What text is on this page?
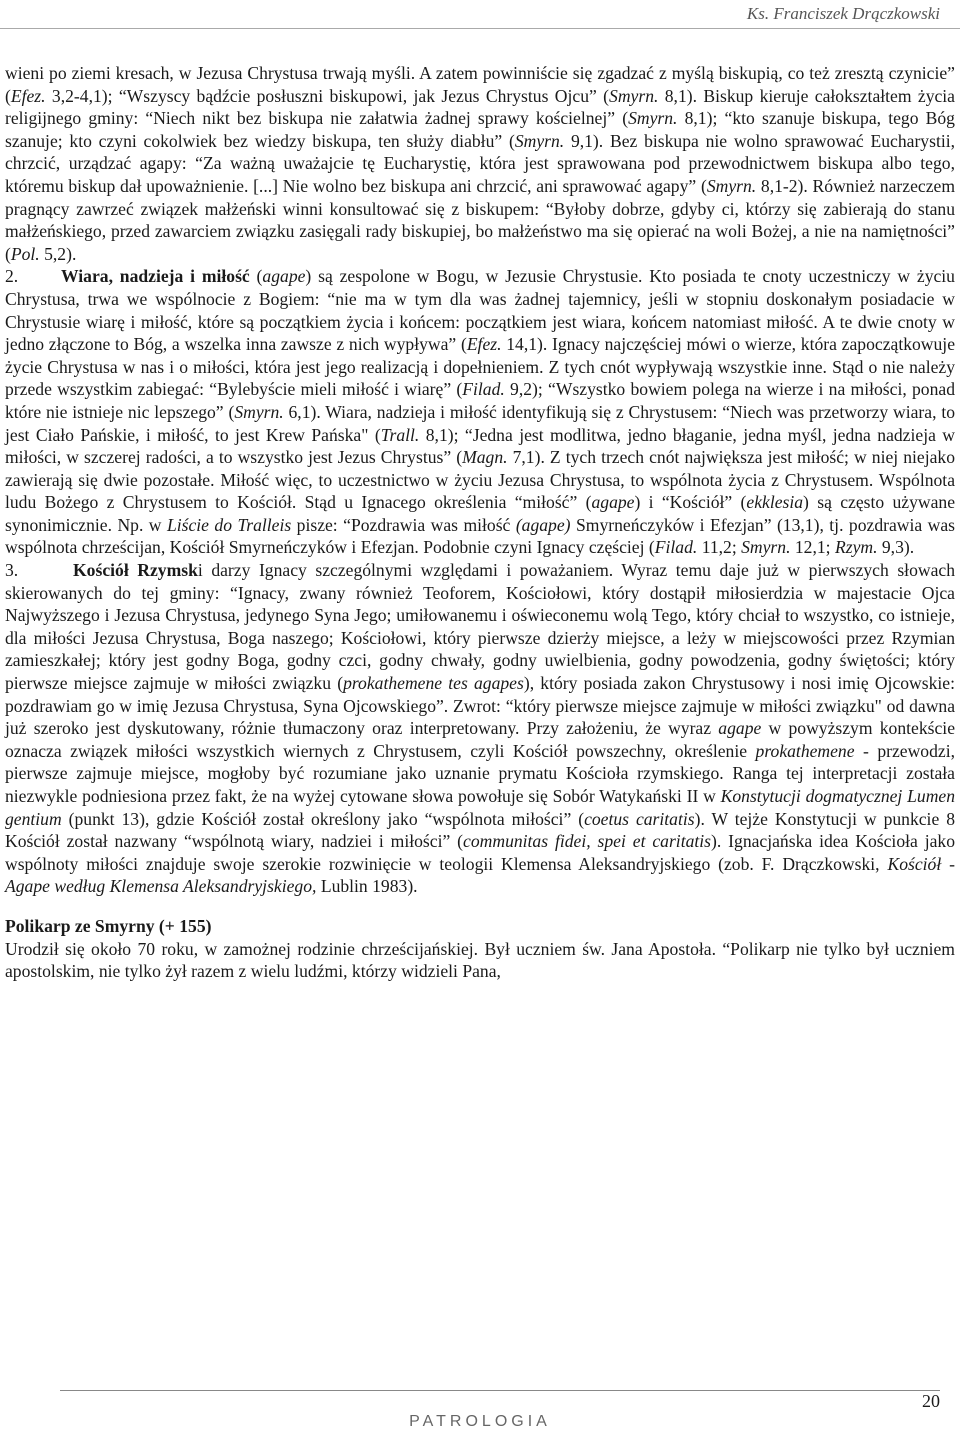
Ks. Franciszek Drączkowski

wieni po ziemi kresach, w Jezusa Chrystusa trwają myśli. A zatem powinniście się zgadzać z myślą biskupią, co też zresztą czynicie” (Efez. 3,2-4,1); “Wszyscy bądźcie posłuszni biskupowi, jak Jezus Chrystus Ojcu” (Smyrn. 8,1). Biskup kieruje całokształtem życia religijnego gminy: “Niech nikt bez biskupa nie załatwia żadnej sprawy kościelnej” (Smyrn. 8,1); “kto szanuje biskupa, tego Bóg szanuje; kto czyni cokolwiek bez wiedzy biskupa, ten służy diabłu” (Smyrn. 9,1). Bez biskupa nie wolno sprawować Eucharystii, chrzcić, urządzać agapy: “Za ważną uważajcie tę Eucharystię, która jest sprawowana pod przewodnictwem biskupa albo tego, któremu biskup dał upoważnienie. [...] Nie wolno bez biskupa ani chrzcić, ani sprawować agapy” (Smyrn. 8,1-2). Również narzeczem pragnący zawrzeć związek małżeński winni konsultować się z biskupem: “Byłoby dobrze, gdyby ci, którzy się zabierają do stanu małżeńskiego, przed zawarciem związku zasięgali rady biskupiej, bo małżeństwo ma się opierać na woli Bożej, a nie na namiętności” (Pol. 5,2).

2. Wiara, nadzieja i miłość (agape) są zespolone w Bogu, w Jezusie Chrystusie. Kto posiada te cnoty uczestniczy w życiu Chrystusa, trwa we wspólnocie z Bogiem: “nie ma w tym dla was żadnej tajemnicy, jeśli w stopniu doskonałym posiadacie w Chrystusie wiarę i miłość, które są początkiem życia i końcem: początkiem jest wiara, końcem natomiast miłość. A te dwie cnoty w jedno złączone to Bóg, a wszelka inna zawsze z nich wypływa” (Efez. 14,1). Ignacy najczęściej mówi o wierze, która zapoczątkowuje życie Chrystusa w nas i o miłości, która jest jego realizacją i dopełnieniem. Z tych cnót wypływają wszystkie inne. Stąd o nie należy przede wszystkim zabiegać: “Bylebyście mieli miłość i wiarę” (Filad. 9,2); “Wszystko bowiem polega na wierze i na miłości, ponad które nie istnieje nic lepszego” (Smyrn. 6,1). Wiara, nadzieja i miłość identyfikują się z Chrystusem: “Niech was przetworzy wiara, to jest Ciało Pańskie, i miłość, to jest Krew Pańska" (Trall. 8,1); “Jedna jest modlitwa, jedno błaganie, jedna myśl, jedna nadzieja w miłości, w szczerej radości, a to wszystko jest Jezus Chrystus” (Magn. 7,1). Z tych trzech cnót największa jest miłość; w niej niejako zawierają się dwie pozostałe. Miłość więc, to uczestnictwo w życiu Jezusa Chrystusa, to wspólnota życia z Chrystusem. Wspólnota ludu Bożego z Chrystusem to Kościół. Stąd u Ignacego określenia “miłość” (agape) i “Kościół” (ekklesia) są często używane synonimicznie. Np. w Liście do Tralleis pisze: “Pozdrawia was miłość (agape) Smyrneńczyków i Efezjan” (13,1), tj. pozdrawia was wspólnota chrześcijan, Kościół Smyrneńczyków i Efezjan. Podobnie czyni Ignacy częściej (Filad. 11,2; Smyrn. 12,1; Rzym. 9,3).

3.	Kościół Rzymski darzy Ignacy szczególnymi względami i poważaniem. Wyraz temu daje już w pierwszych słowach skierowanych do tej gminy: “Ignacy, zwany również Teoforem, Kościołowi, który dostąpił miłosierdzia w majestacie Ojca Najwyższego i Jezusa Chrystusa, jedynego Syna Jego; umiłowanemu i oświeconemu wolą Tego, który chciał to wszystko, co istnieje, dla miłości Jezusa Chrystusa, Boga naszego; Kościołowi, który pierwsze dzierży miejsce, a leży w miejscowości przez Rzymian zamieszkałej; który jest godny Boga, godny czci, godny chwały, godny uwielbienia, godny powodzenia, godny świętości; który pierwsze miejsce zajmuje w miłości związku (prokathemene tes agapes), który posiada zakon Chrystusowy i nosi imię Ojcowskie: pozdrawiam go w imię Jezusa Chrystusa, Syna Ojcowskiego”. Zwrot: “który pierwsze miejsce zajmuje w miłości związku" od dawna już szeroko jest dyskutowany, różnie tłumaczony oraz interpretowany. Przy założeniu, że wyraz agape w powyższym kontekście oznacza związek miłości wszystkich wiernych z Chrystusem, czyli Kościół powszechny, określenie prokathemene - przewodzi, pierwsze zajmuje miejsce, mogłoby być rozumiane jako uznanie prymatu Kościoła rzymskiego. Ranga tej interpretacji została niezwykle podniesiona przez fakt, że na wyżej cytowane słowa powołuje się Sobór Watykański II w Konstytucji dogmatycznej Lumen gentium (punkt 13), gdzie Kościół został określony jako “wspólnota miłości” (coetus caritatis). W tejże Konstytucji w punkcie 8 Kościół został nazwany “wspólnotą wiary, nadziei i miłości” (communitas fidei, spei et caritatis). Ignacjańska idea Kościoła jako wspólnoty miłości znajduje swoje szerokie rozwinięcie w teologii Klemensa Aleksandryjskiego (zob. F. Drączkowski, Kościół - Agape według Klemensa Aleksandryjskiego, Lublin 1983).

Polikarp ze Smyrny (+ 155)

Urodził się około 70 roku, w zamożnej rodzinie chrześcijańskiej. Był uczniem św. Jana Apostoła. “Polikarp nie tylko był uczniem apostolskim, nie tylko żył razem z wielu ludźmi, którzy widzieli Pana,

20
PATROLOGIA
